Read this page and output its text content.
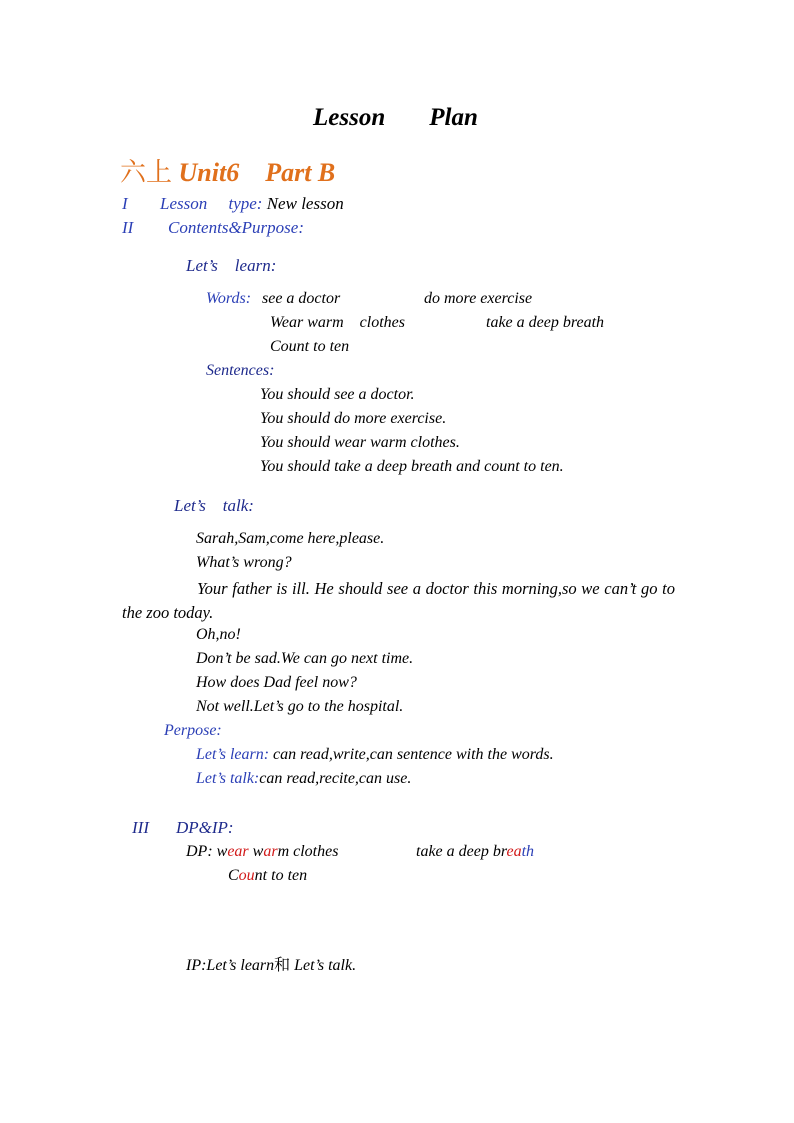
Lesson Plan
六上 Unit6    Part B
I Lesson     type: New lesson
II Contents&Purpose:
Let’s    learn:
Words: see a doctor	do more exercise
Wear warm    clothes	take a deep breath
Count to ten
Sentences:
You should see a doctor.
You should do more exercise.
You should wear warm clothes.
You should take a deep breath and count to ten.
Let’s    talk:
Sarah,Sam,come here,please.
What’s wrong?
Your father is ill. He should see a doctor this morning,so we can’t go to the zoo today.
Oh,no!
Don’t be sad.We can go next time.
How does Dad feel now?
Not well.Let’s go to the hospital.
Perpose:
Let’s learn: can read,write,can sentence with the words.
Let’s talk:can read,recite,can use.
III DP&IP:
DP: wear warm clothes	take a deep breath
Count to ten
IP:Let’s learn和 Let’s talk.
